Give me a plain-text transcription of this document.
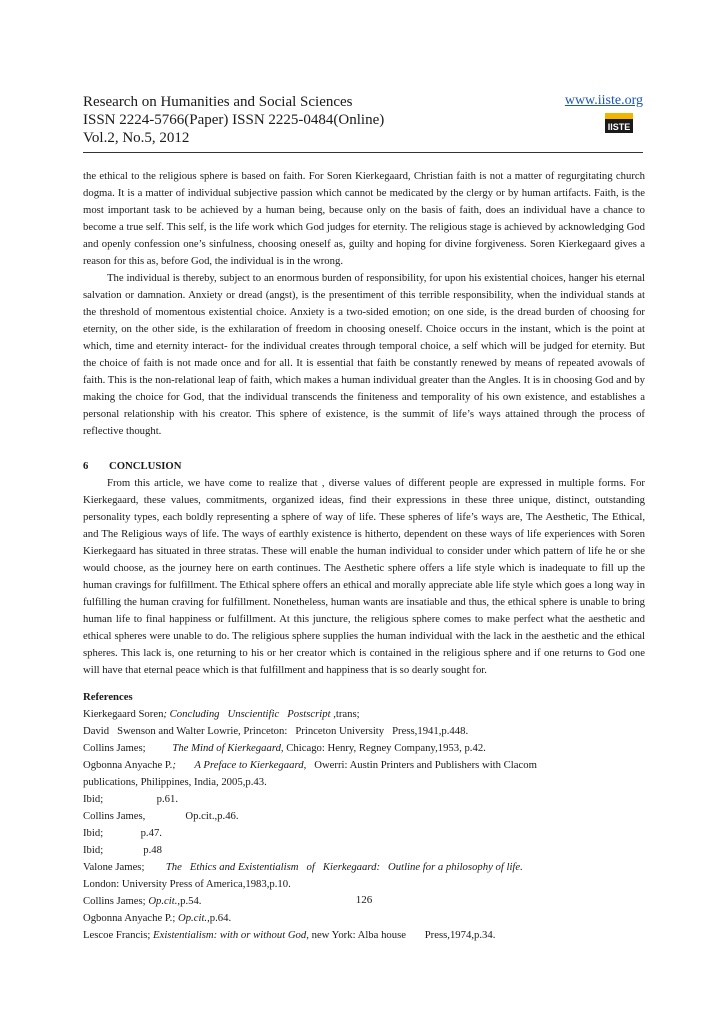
Research on Humanities and Social Sciences
ISSN 2224-5766(Paper) ISSN 2225-0484(Online)
Vol.2, No.5, 2012
www.iiste.org
IISTE

the ethical to the religious sphere is based on faith. For Soren Kierkegaard, Christian faith is not a matter of regurgitating church dogma. It is a matter of individual subjective passion which cannot be medicated by the clergy or by human artifacts. Faith, is the most important task to be achieved by a human being, because only on the basis of faith, does an individual have a chance to become a true self. This self, is the life work which God judges for eternity. The religious stage is achieved by acknowledging God and openly confession one’s sinfulness, choosing oneself as, guilty and hoping for divine forgiveness. Soren Kierkegaard gives a reason for this as, before God, the individual is in the wrong.

The individual is thereby, subject to an enormous burden of responsibility, for upon his existential choices, hanger his eternal salvation or damnation. Anxiety or dread (angst), is the presentiment of this terrible responsibility, when the individual stands at the threshold of momentous existential choice. Anxiety is a two-sided emotion; on one side, is the dread burden of choosing for eternity, on the other side, is the exhilaration of freedom in choosing oneself. Choice occurs in the instant, which is the point at which, time and eternity interact- for the individual creates through temporal choice, a self which will be judged for eternity. But the choice of faith is not made once and for all. It is essential that faith be constantly renewed by means of repeated avowals of faith. This is the non-relational leap of faith, which makes a human individual greater than the Angles. It is in choosing God and by making the choice for God, that the individual transcends the finiteness and temporality of his own existence, and establishes a personal relationship with his creator. This sphere of existence, is the summit of life’s ways attained through the process of reflective thought.

6 CONCLUSION

From this article, we have come to realize that , diverse values of different people are expressed in multiple forms. For Kierkegaard, these values, commitments, organized ideas, find their expressions in these three unique, distinct, outstanding personality types, each boldly representing a sphere of way of life. These spheres of life’s ways are, The Aesthetic, The Ethical, and The Religious ways of life. The ways of earthly existence is hitherto, dependent on these ways of life experiences with Soren Kierkegaard has situated in three stratas. These will enable the human individual to consider under which pattern of life he or she would choose, as the journey here on earth continues. The Aesthetic sphere offers a life style which is inadequate to fill up the human cravings for fulfillment. The Ethical sphere offers an ethical and morally appreciate able life style which goes a long way in fulfilling the human craving for fulfillment. Nonetheless, human wants are insatiable and thus, the ethical sphere is unable to bring human life to final happiness or fulfillment. At this juncture, the religious sphere comes to make perfect what the aesthetic and ethical spheres were unable to do. The religious sphere supplies the human individual with the lack in the aesthetic and the ethical spheres. This lack is, one returning to his or her creator which is contained in the religious sphere and if one returns to God one will have that eternal peace which is that fulfillment and happiness that is so dearly sought for.

References
Kierkegaard Soren; Concluding   Unscientific   Postscript ,trans;
David   Swenson and Walter Lowrie, Princeton:   Princeton University   Press,1941,p.448.
Collins James;          The Mind of Kierkegaard, Chicago: Henry, Regney Company,1953, p.42.
Ogbonna Anyache P.;       A Preface to Kierkegaard,   Owerri: Austin Printers and Publishers with Clacom
publications, Philippines, India, 2005,p.43.
Ibid;                    p.61.
Collins James,               Op.cit.,p.46.
Ibid;              p.47.
Ibid;               p.48
Valone James;        The   Ethics and Existentialism   of   Kierkegaard:   Outline for a philosophy of life.
London: University Press of America,1983,p.10.
Collins James; Op.cit.,p.54.
Ogbonna Anyache P.; Op.cit.,p.64.
Lescoe Francis; Existentialism: with or without God, new York: Alba house       Press,1974,p.34.
126
